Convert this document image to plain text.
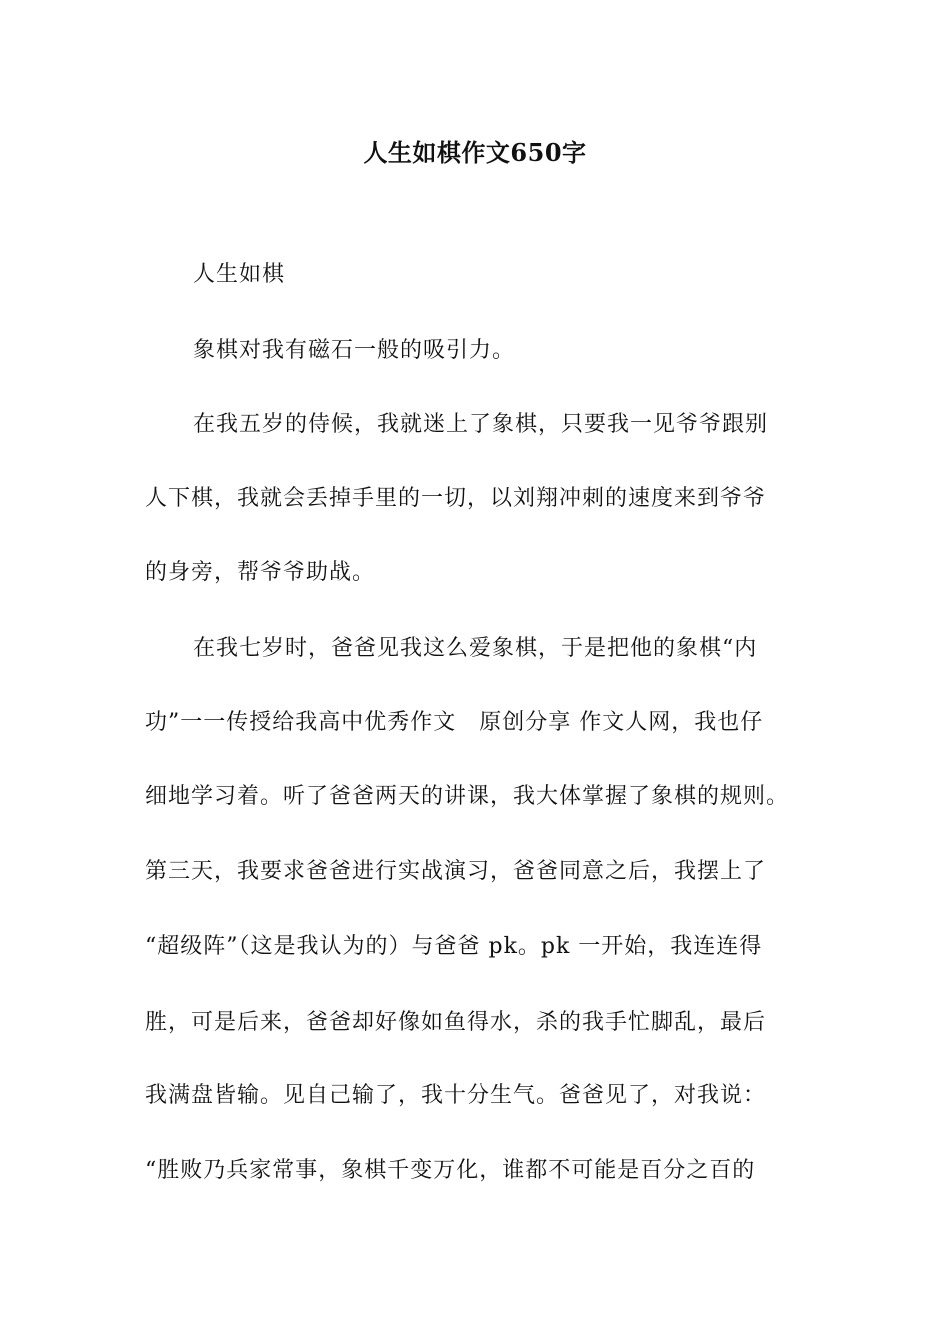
人生如棋作文650字
人生如棋
象棋对我有磁石一般的吸引力。
在我五岁的侍候，我就迷上了象棋，只要我一见爷爷跟别
人下棋，我就会丢掉手里的一切，以刘翔冲刺的速度来到爷爷
的身旁，帮爷爷助战。
在我七岁时，爸爸见我这么爱象棋，于是把他的象棋“内
功”一一传授给我高中优秀作文　原创分享 作文人网，我也仔
细地学习着。听了爸爸两天的讲课，我大体掌握了象棋的规则。
第三天，我要求爸爸进行实战演习，爸爸同意之后，我摆上了
“超级阵”（这是我认为的）与爸爸 pk。pk 一开始，我连连得
胜，可是后来，爸爸却好像如鱼得水，杀的我手忙脚乱，最后
我满盘皆输。见自己输了，我十分生气。爸爸见了，对我说：
“胜败乃兵家常事，象棋千变万化，谁都不可能是百分之百的
